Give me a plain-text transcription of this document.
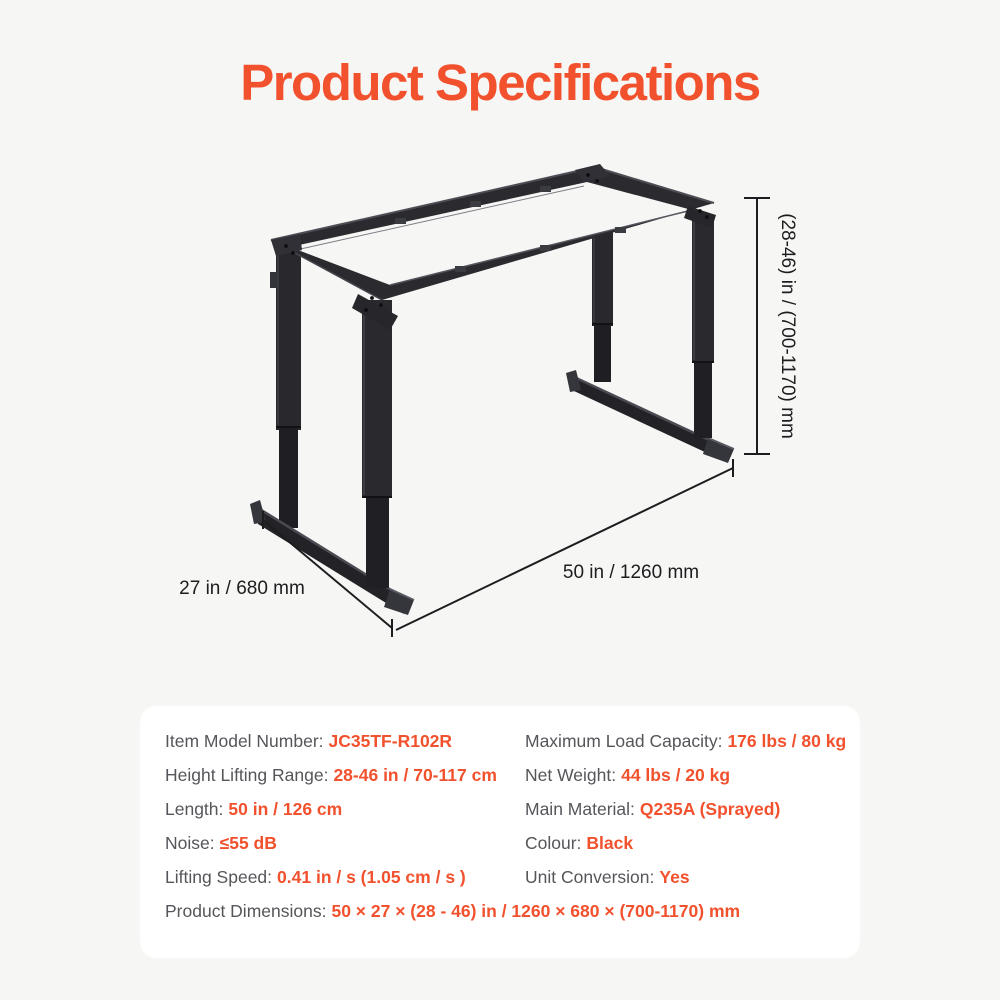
Product Specifications
(28-46) in / (700-1170) mm
27 in / 680 mm
50 in / 1260 mm
Item Model Number: JC35TF-R102R	Maximum Load Capacity: 176 lbs / 80 kg
Height Lifting Range: 28-46 in / 70-117 cm	Net Weight: 44 lbs / 20 kg
Length: 50 in / 126 cm	Main Material: Q235A (Sprayed)
Noise: ≤55 dB	Colour: Black
Lifting Speed: 0.41 in / s (1.05 cm / s )	Unit Conversion: Yes
Product Dimensions: 50 × 27 × (28 - 46) in / 1260 × 680 × (700-1170) mm
